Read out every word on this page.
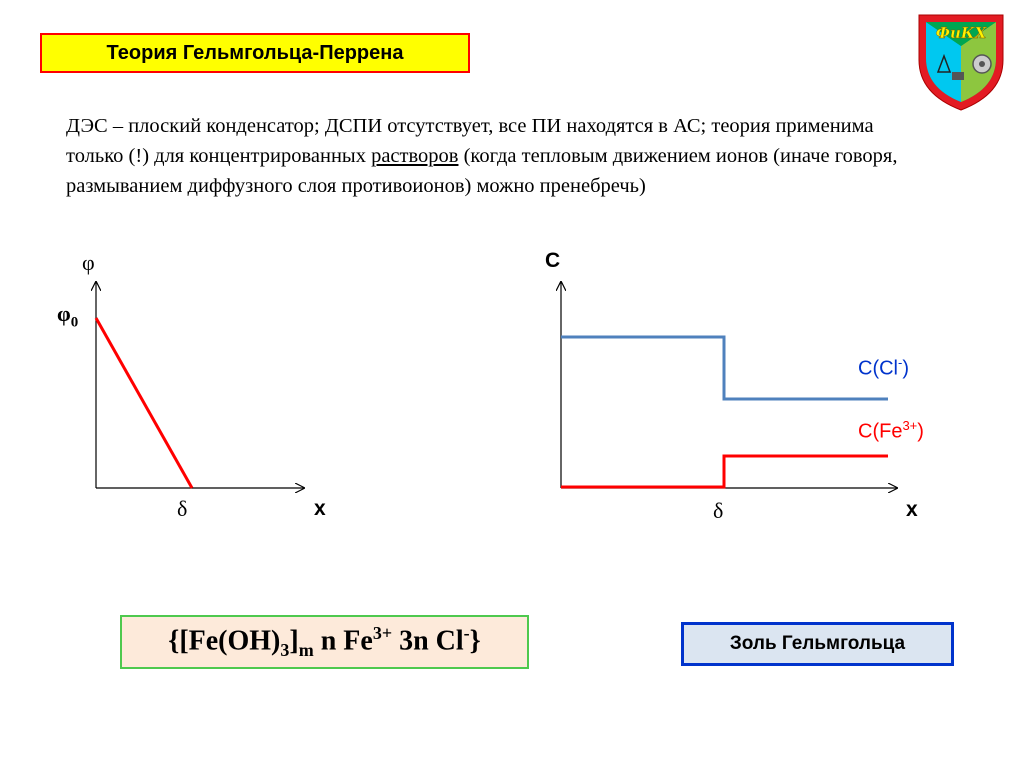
Теория Гельмгольца-Перрена
ФиКХ
ДЭС – плоский конденсатор; ДСПИ отсутствует, все ПИ находятся в АС; теория применима только (!) для концентрированных растворов (когда тепловым движением ионов (иначе говоря, размыванием диффузного слоя противоионов) можно пренебречь)
φ
$\varphi_0$
δ	x
C
δ	x
C(Cl-)
$C(Fe^{3+})$
{$[Fe(OH)_3]_m$ n $Fe^{3+}$ 3n Cl-}	Золь Гельмгольца
